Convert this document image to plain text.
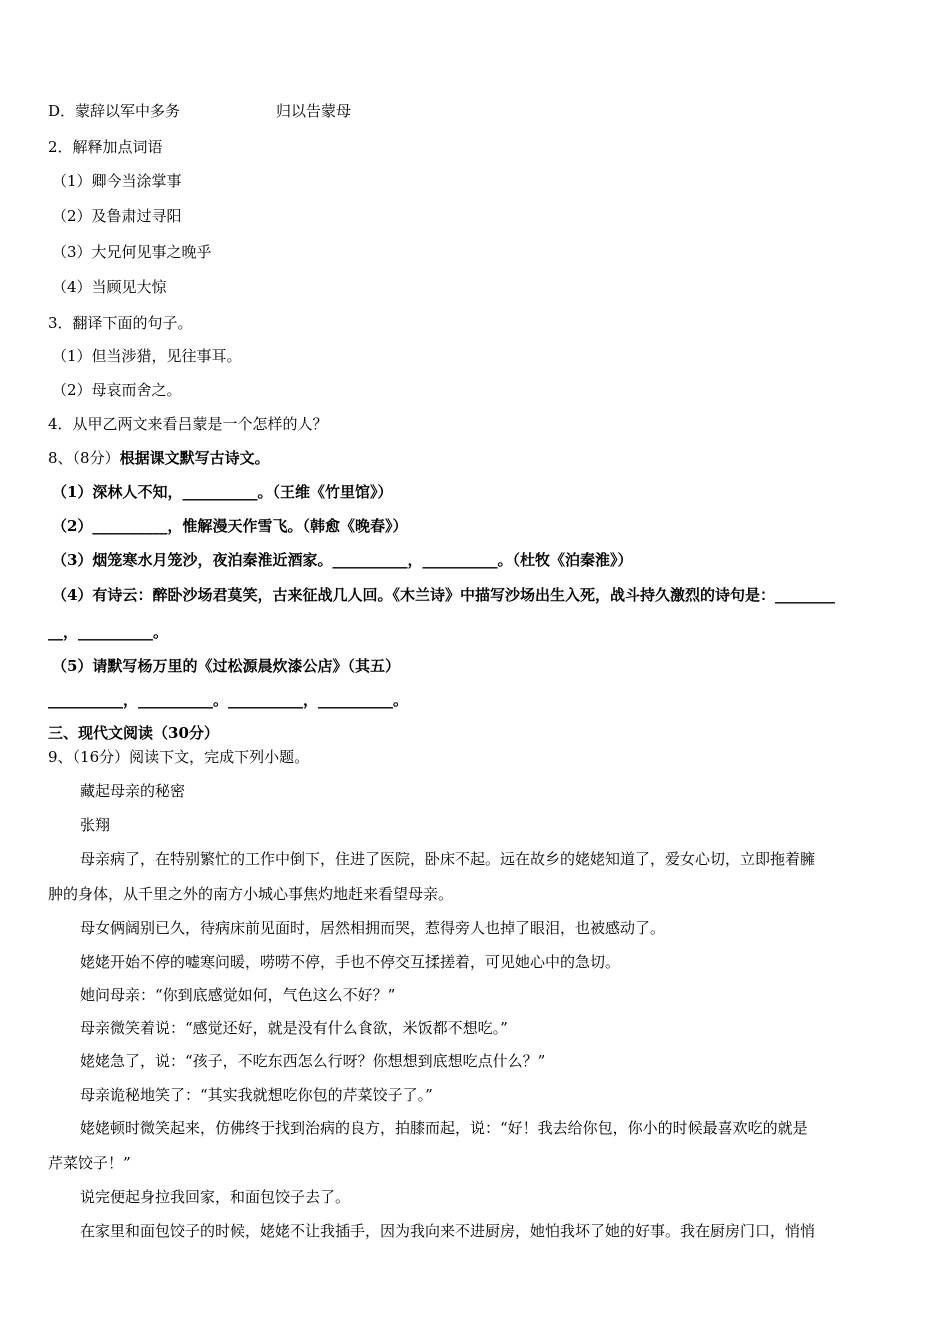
D．蒙辞以军中多务	归以告蒙母
2．解释加点词语
（1）卿今当涂掌事
（2）及鲁肃过寻阳
（3）大兄何见事之晚乎
（4）当顾见大惊
3．翻译下面的句子。
（1）但当涉猎，见往事耳。
（2）母哀而舍之。
4．从甲乙两文来看吕蒙是一个怎样的人？
8、（8分）根据课文默写古诗文。
（1）深林人不知，__________。（王维《竹里馆》）
（2）__________，惟解漫天作雪飞。（韩愈《晚春》）
（3）烟笼寒水月笼沙，夜泊秦淮近酒家。__________，__________。（杜牧《泊秦淮》）
（4）有诗云：醉卧沙场君莫笑，古来征战几人回。《木兰诗》中描写沙场出生入死，战斗持久激烈的诗句是：________
__，__________。
（5）请默写杨万里的《过松源晨炊漆公店》（其五）
__________，__________。__________，__________。
三、现代文阅读（30分）
9、（16分）阅读下文，完成下列小题。
藏起母亲的秘密
张翔
母亲病了，在特别繁忙的工作中倒下，住进了医院，卧床不起。远在故乡的姥姥知道了，爱女心切，立即拖着臃
肿的身体，从千里之外的南方小城心事焦灼地赶来看望母亲。
母女俩阔别已久，待病床前见面时，居然相拥而哭，惹得旁人也掉了眼泪，也被感动了。
姥姥开始不停的嘘寒问暖，唠唠不停，手也不停交互揉搓着，可见她心中的急切。
她问母亲：“你到底感觉如何，气色这么不好？”
母亲微笑着说：“感觉还好，就是没有什么食欲，米饭都不想吃。”
姥姥急了，说：“孩子，不吃东西怎么行呀？你想想到底想吃点什么？”
母亲诡秘地笑了：“其实我就想吃你包的芹菜饺子了。”
姥姥顿时微笑起来，仿佛终于找到治病的良方，拍膝而起，说：“好！我去给你包，你小的时候最喜欢吃的就是
芹菜饺子！”
说完便起身拉我回家，和面包饺子去了。
在家里和面包饺子的时候，姥姥不让我插手，因为我向来不进厨房，她怕我坏了她的好事。我在厨房门口，悄悄
